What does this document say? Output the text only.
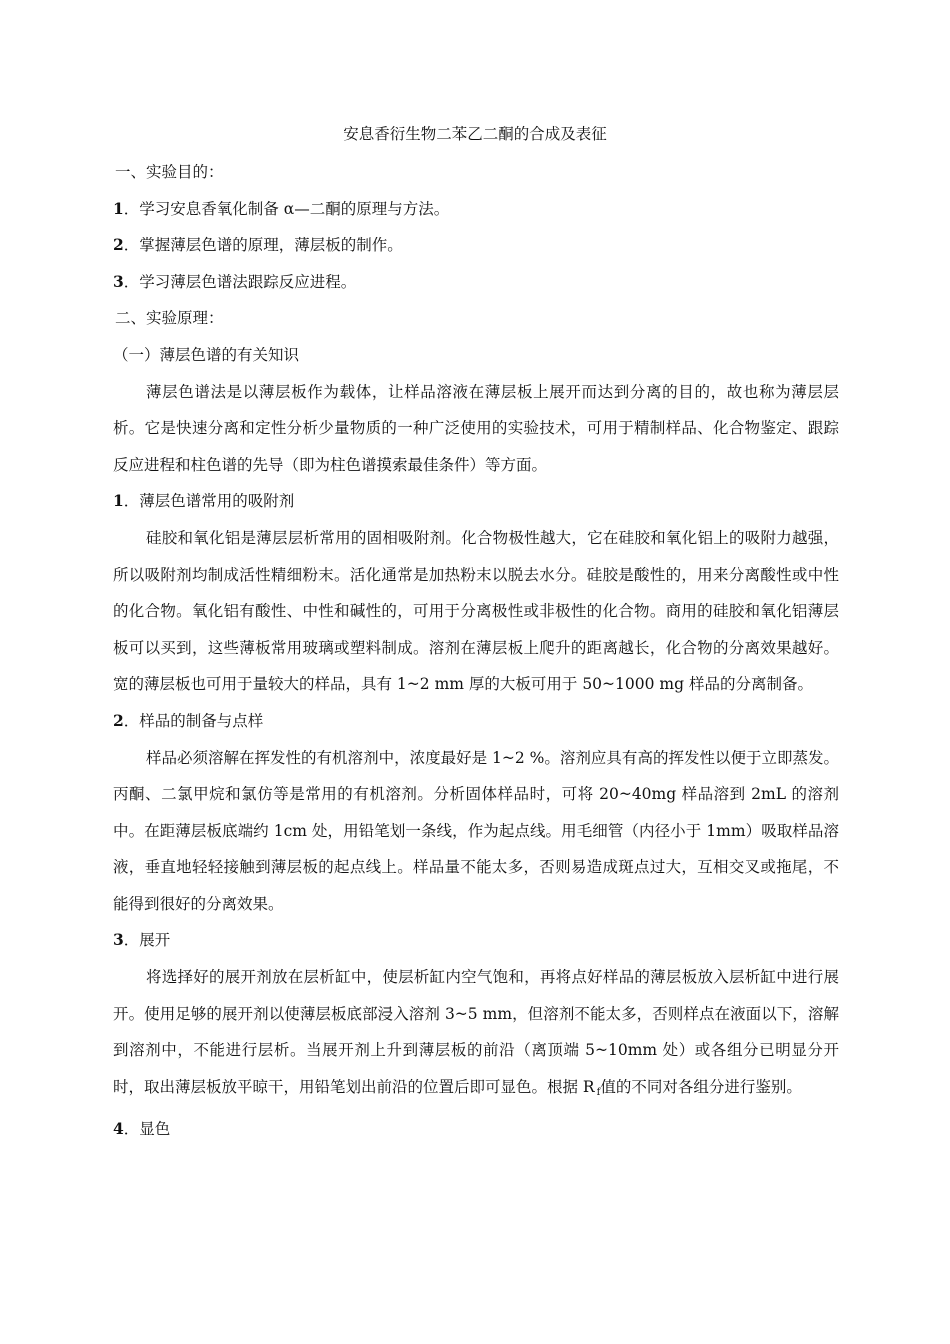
安息香衍生物二苯乙二酮的合成及表征
一、实验目的：
1．学习安息香氧化制备 α—二酮的原理与方法。
2．掌握薄层色谱的原理，薄层板的制作。
3．学习薄层色谱法跟踪反应进程。
二、实验原理：
（一）薄层色谱的有关知识
薄层色谱法是以薄层板作为载体，让样品溶液在薄层板上展开而达到分离的目的，故也称为薄层层析。它是快速分离和定性分析少量物质的一种广泛使用的实验技术，可用于精制样品、化合物鉴定、跟踪反应进程和柱色谱的先导（即为柱色谱摸索最佳条件）等方面。
1．薄层色谱常用的吸附剂
硅胶和氧化铝是薄层层析常用的固相吸附剂。化合物极性越大，它在硅胶和氧化铝上的吸附力越强，所以吸附剂均制成活性精细粉末。活化通常是加热粉末以脱去水分。硅胶是酸性的，用来分离酸性或中性的化合物。氧化铝有酸性、中性和碱性的，可用于分离极性或非极性的化合物。商用的硅胶和氧化铝薄层板可以买到，这些薄板常用玻璃或塑料制成。溶剂在薄层板上爬升的距离越长，化合物的分离效果越好。宽的薄层板也可用于量较大的样品，具有 1~2 mm 厚的大板可用于 50~1000 mg 样品的分离制备。
2．样品的制备与点样
样品必须溶解在挥发性的有机溶剂中，浓度最好是 1~2 %。溶剂应具有高的挥发性以便于立即蒸发。丙酮、二氯甲烷和氯仿等是常用的有机溶剂。分析固体样品时，可将 20~40mg 样品溶到 2mL 的溶剂中。在距薄层板底端约 1cm 处，用铅笔划一条线，作为起点线。用毛细管（内径小于 1mm）吸取样品溶液，垂直地轻轻接触到薄层板的起点线上。样品量不能太多，否则易造成斑点过大，互相交叉或拖尾，不能得到很好的分离效果。
3．展开
将选择好的展开剂放在层析缸中，使层析缸内空气饱和，再将点好样品的薄层板放入层析缸中进行展开。使用足够的展开剂以使薄层板底部浸入溶剂 3~5 mm，但溶剂不能太多，否则样点在液面以下，溶解到溶剂中，不能进行层析。当展开剂上升到薄层板的前沿（离顶端 5~10mm 处）或各组分已明显分开时，取出薄层板放平晾干，用铅笔划出前沿的位置后即可显色。根据 R $_f$值的不同对各组分进行鉴别。
4．显色
